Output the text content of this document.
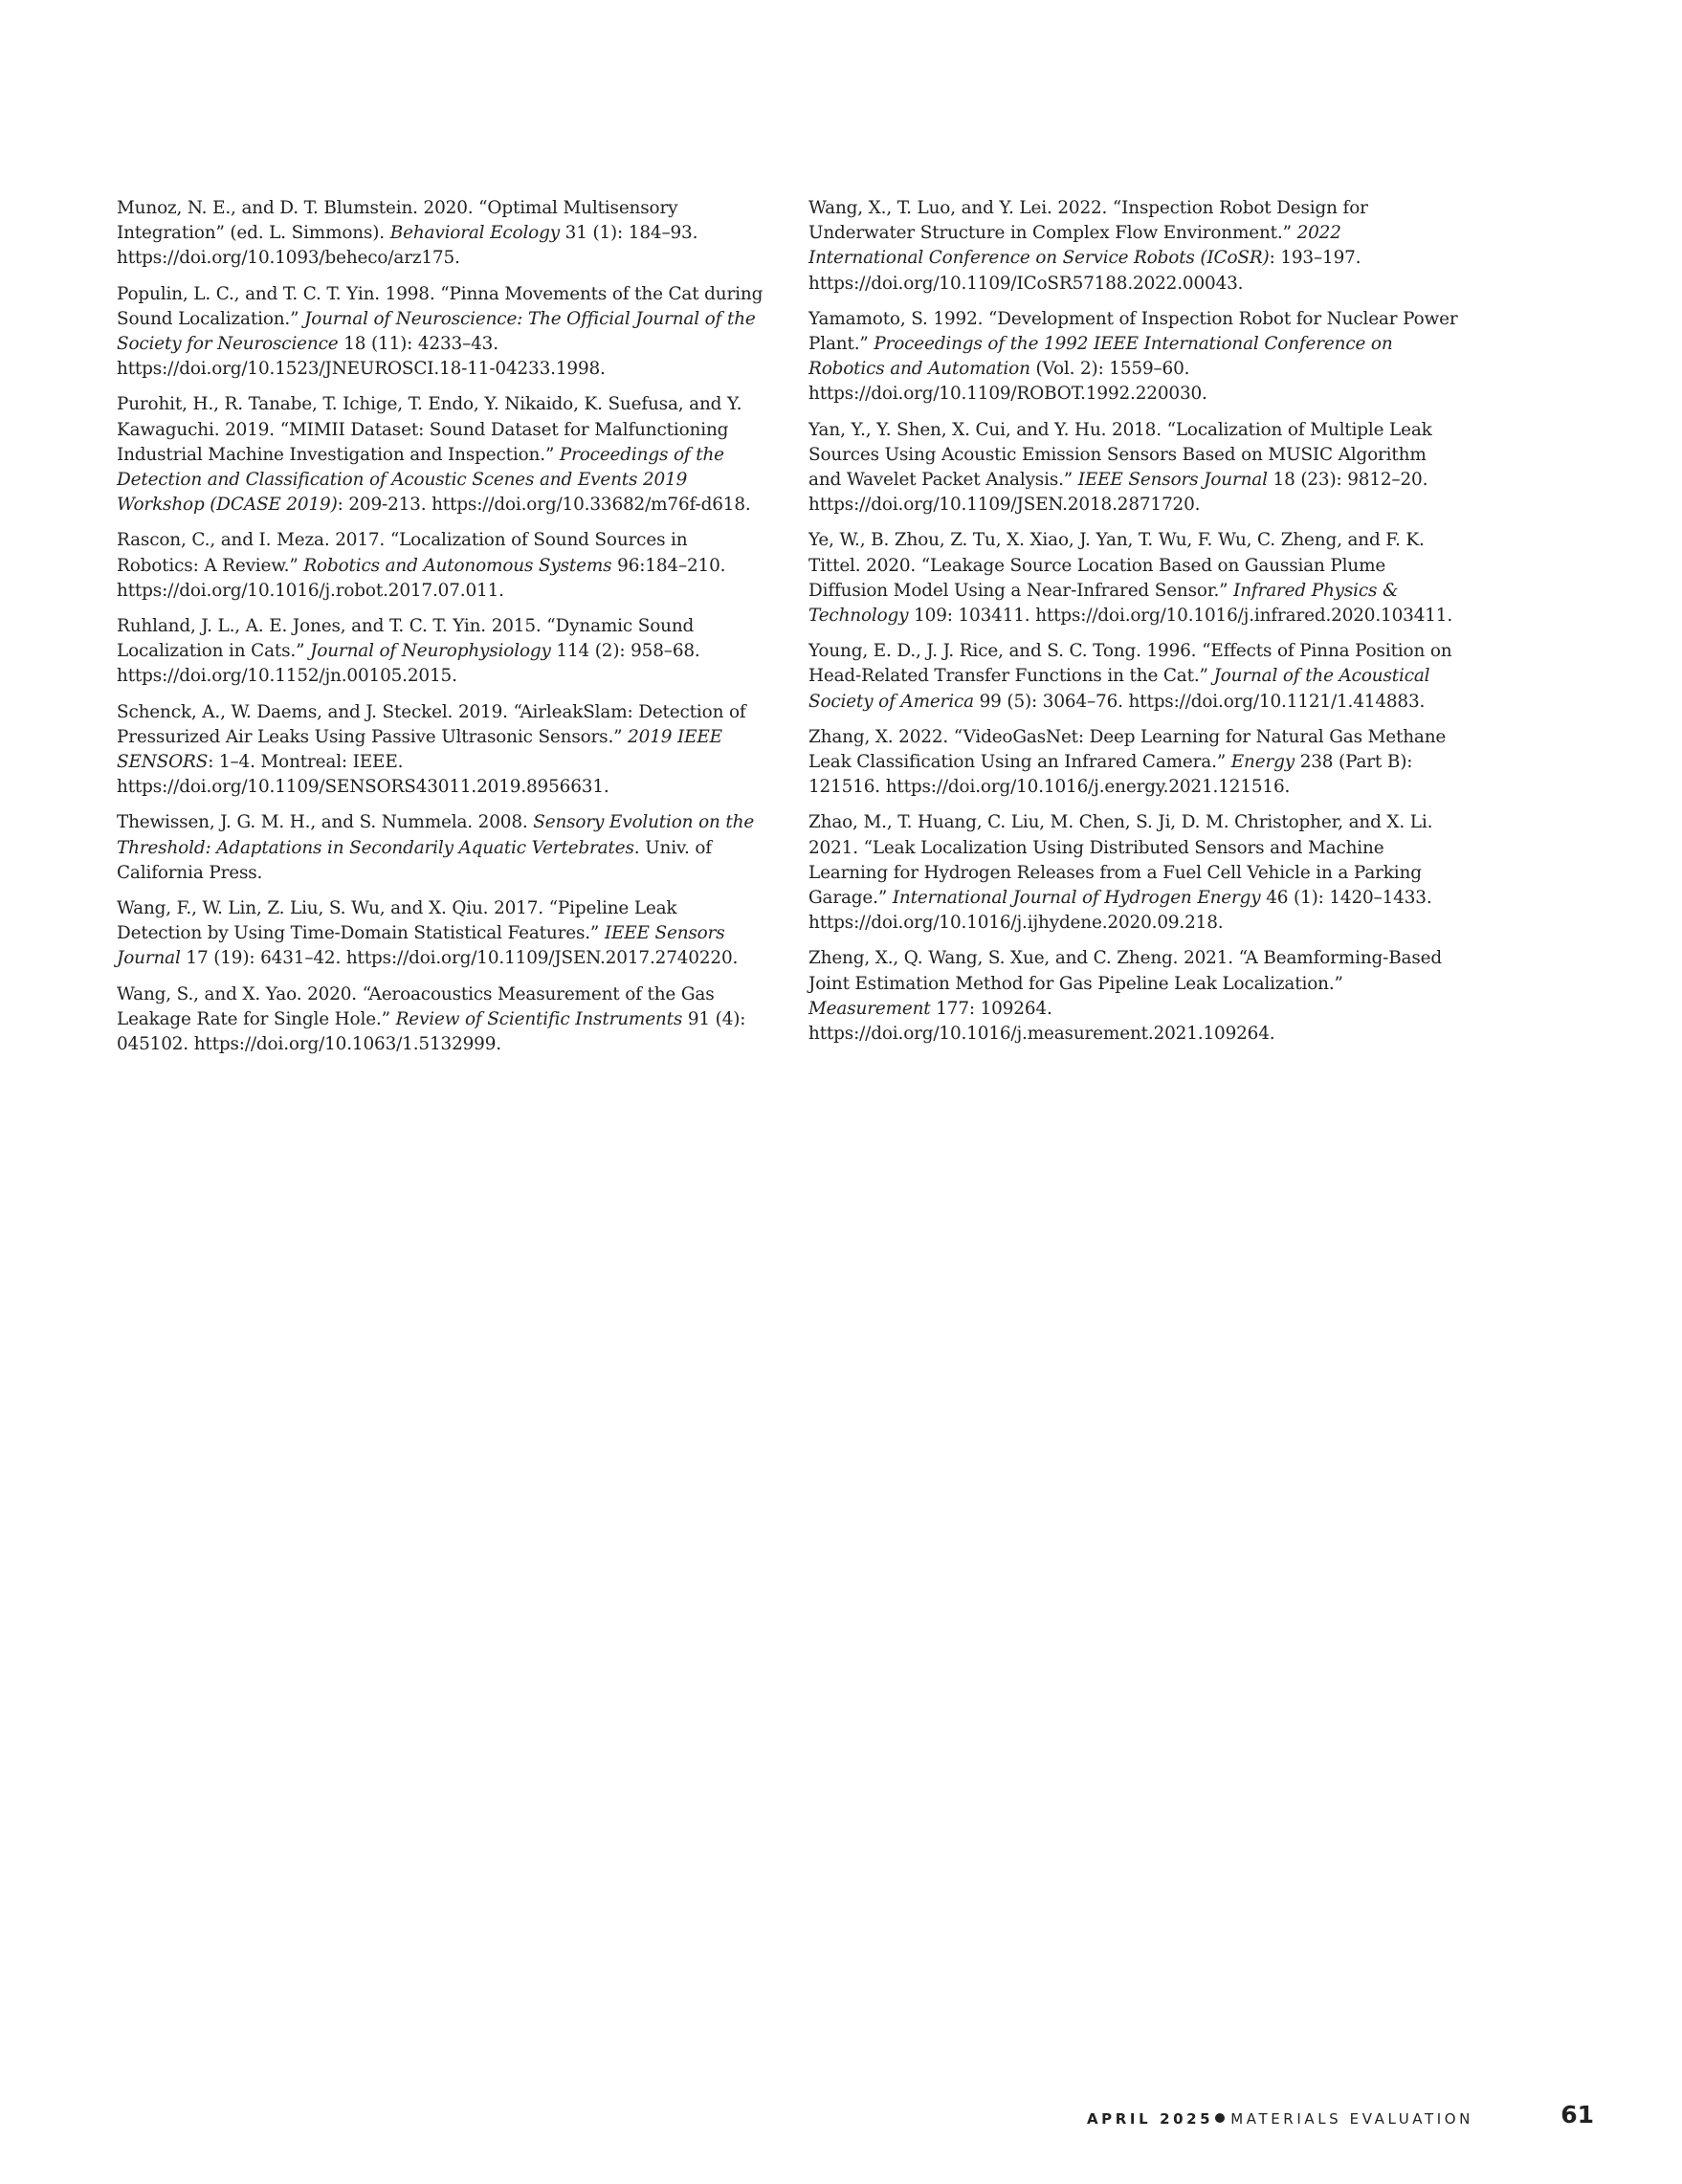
Munoz, N. E., and D. T. Blumstein. 2020. “Optimal Multisensory Integration” (ed. L. Simmons). Behavioral Ecology 31 (1): 184–93. https://doi.org/10.1093/beheco/arz175.

Populin, L. C., and T. C. T. Yin. 1998. “Pinna Movements of the Cat during Sound Localization.” Journal of Neuroscience: The Official Journal of the Society for Neuroscience 18 (11): 4233–43. https://doi.org/10.1523/JNEUROSCI.18-11-04233.1998.

Purohit, H., R. Tanabe, T. Ichige, T. Endo, Y. Nikaido, K. Suefusa, and Y. Kawaguchi. 2019. “MIMII Dataset: Sound Dataset for Malfunctioning Industrial Machine Investigation and Inspection.” Proceedings of the Detection and Classification of Acoustic Scenes and Events 2019 Workshop (DCASE 2019): 209-213. https://doi.org/10.33682/m76f-d618.

Rascon, C., and I. Meza. 2017. “Localization of Sound Sources in Robotics: A Review.” Robotics and Autonomous Systems 96:184–210. https://doi.org/10.1016/j.robot.2017.07.011.

Ruhland, J. L., A. E. Jones, and T. C. T. Yin. 2015. “Dynamic Sound Localization in Cats.” Journal of Neurophysiology 114 (2): 958–68. https://doi.org/10.1152/jn.00105.2015.

Schenck, A., W. Daems, and J. Steckel. 2019. “AirleakSlam: Detection of Pressurized Air Leaks Using Passive Ultrasonic Sensors.” 2019 IEEE SENSORS: 1–4. Montreal: IEEE. https://doi.org/10.1109/SENSORS43011.2019.8956631.

Thewissen, J. G. M. H., and S. Nummela. 2008. Sensory Evolution on the Threshold: Adaptations in Secondarily Aquatic Vertebrates. Univ. of California Press.

Wang, F., W. Lin, Z. Liu, S. Wu, and X. Qiu. 2017. “Pipeline Leak Detection by Using Time-Domain Statistical Features.” IEEE Sensors Journal 17 (19): 6431–42. https://doi.org/10.1109/JSEN.2017.2740220.

Wang, S., and X. Yao. 2020. “Aeroacoustics Measurement of the Gas Leakage Rate for Single Hole.” Review of Scientific Instruments 91 (4): 045102. https://doi.org/10.1063/1.5132999.

Wang, X., T. Luo, and Y. Lei. 2022. “Inspection Robot Design for Underwater Structure in Complex Flow Environment.” 2022 International Conference on Service Robots (ICoSR): 193–197. https://doi.org/10.1109/ICoSR57188.2022.00043.

Yamamoto, S. 1992. “Development of Inspection Robot for Nuclear Power Plant.” Proceedings of the 1992 IEEE International Conference on Robotics and Automation (Vol. 2): 1559–60. https://doi.org/10.1109/ROBOT.1992.220030.

Yan, Y., Y. Shen, X. Cui, and Y. Hu. 2018. “Localization of Multiple Leak Sources Using Acoustic Emission Sensors Based on MUSIC Algorithm and Wavelet Packet Analysis.” IEEE Sensors Journal 18 (23): 9812–20. https://doi.org/10.1109/JSEN.2018.2871720.

Ye, W., B. Zhou, Z. Tu, X. Xiao, J. Yan, T. Wu, F. Wu, C. Zheng, and F. K. Tittel. 2020. “Leakage Source Location Based on Gaussian Plume Diffusion Model Using a Near-Infrared Sensor.” Infrared Physics & Technology 109: 103411. https://doi.org/10.1016/j.infrared.2020.103411.

Young, E. D., J. J. Rice, and S. C. Tong. 1996. “Effects of Pinna Position on Head-Related Transfer Functions in the Cat.” Journal of the Acoustical Society of America 99 (5): 3064–76. https://doi.org/10.1121/1.414883.

Zhang, X. 2022. “VideoGasNet: Deep Learning for Natural Gas Methane Leak Classification Using an Infrared Camera.” Energy 238 (Part B): 121516. https://doi.org/10.1016/j.energy.2021.121516.

Zhao, M., T. Huang, C. Liu, M. Chen, S. Ji, D. M. Christopher, and X. Li. 2021. “Leak Localization Using Distributed Sensors and Machine Learning for Hydrogen Releases from a Fuel Cell Vehicle in a Parking Garage.” International Journal of Hydrogen Energy 46 (1): 1420–1433. https://doi.org/10.1016/j.ijhydene.2020.09.218.

Zheng, X., Q. Wang, S. Xue, and C. Zheng. 2021. “A Beamforming-Based Joint Estimation Method for Gas Pipeline Leak Localization.” Measurement 177: 109264. https://doi.org/10.1016/j.measurement.2021.109264.

APRIL 2025 MATERIALS EVALUATION	61
